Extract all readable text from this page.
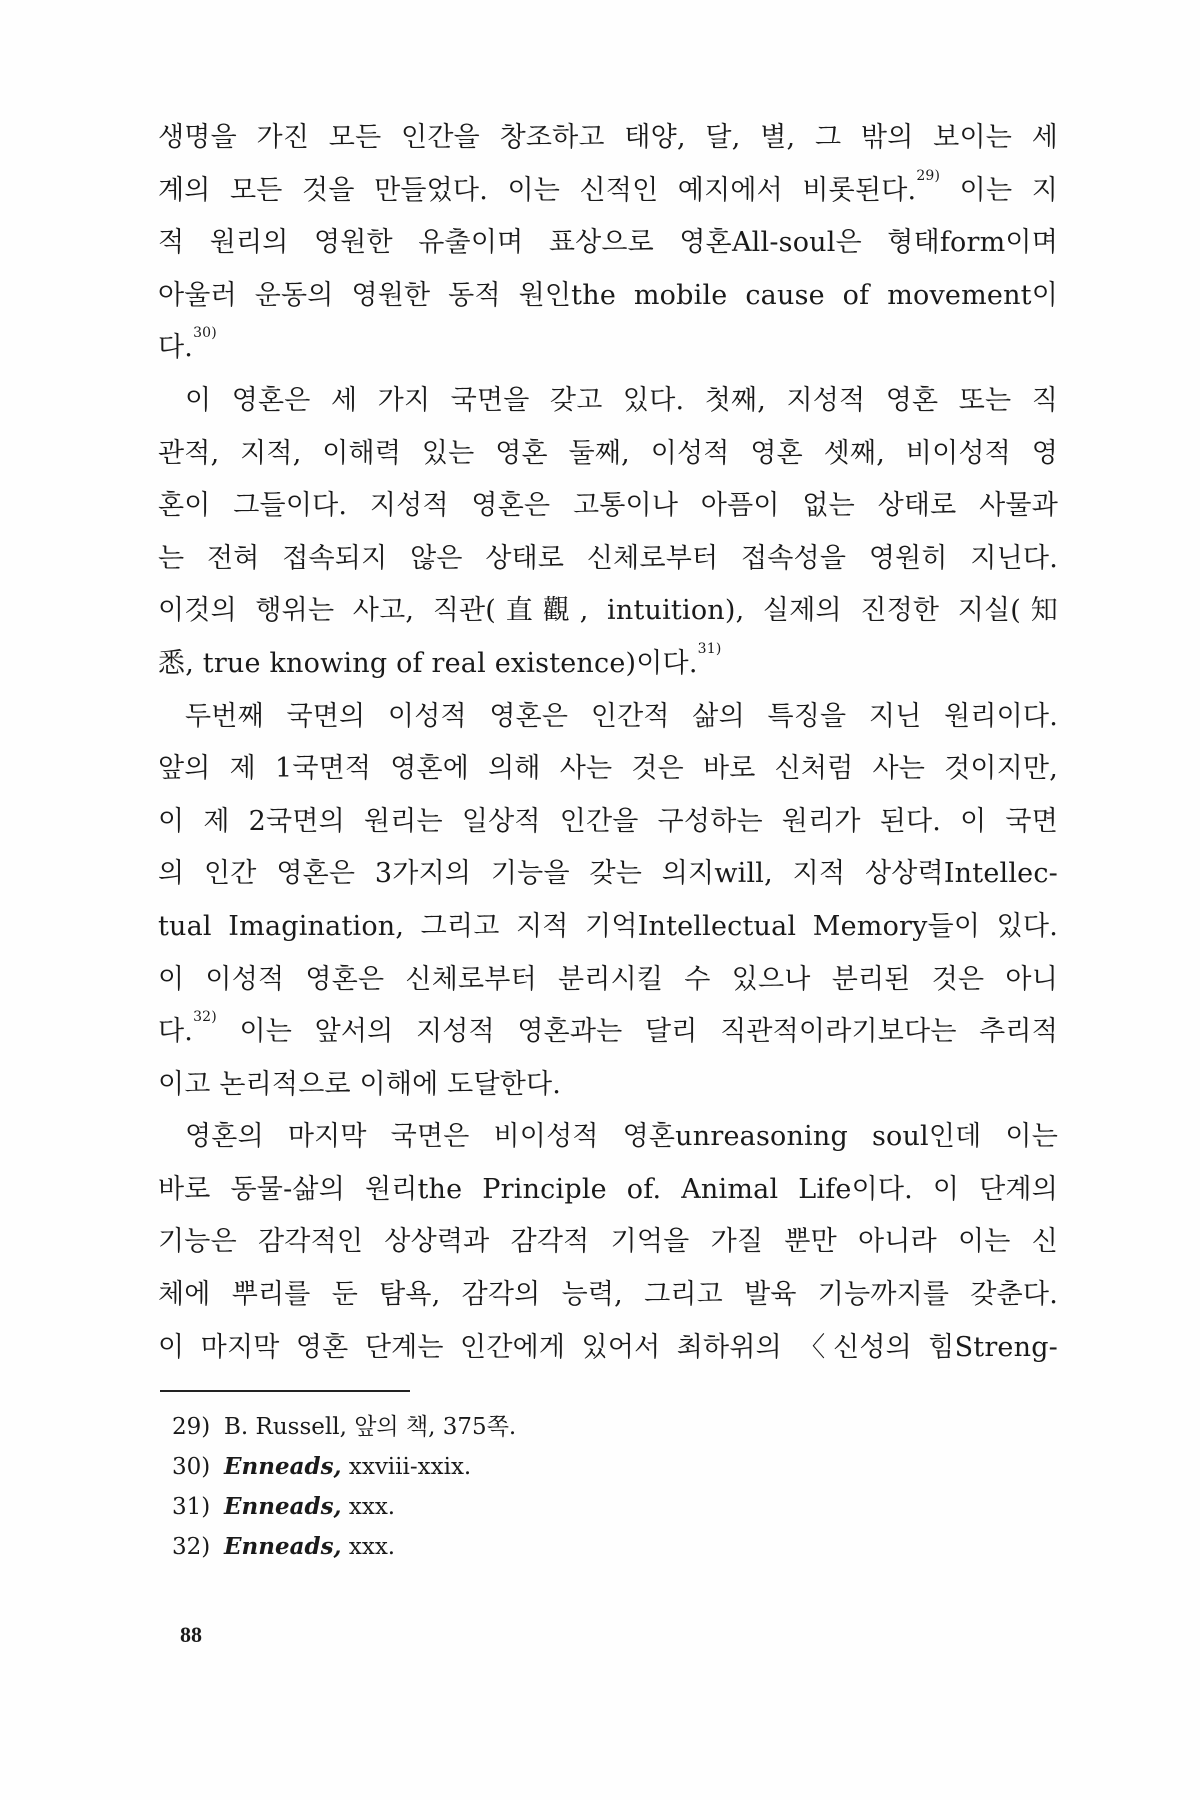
생명을 가진 모든 인간을 창조하고 태양, 달, 별, 그 밖의 보이는 세
계의 모든 것을 만들었다. 이는 신적인 예지에서 비롯된다.$^{29)}$ 이는 지
적 원리의 영원한 유출이며 표상으로 영혼All-soul은 형태form이며
아울러 운동의 영원한 동적 원인the mobile cause of movement이
다.$^{30)}$
이 영혼은 세 가지 국면을 갖고 있다. 첫째, 지성적 영혼 또는 직
관적, 지적, 이해력 있는 영혼 둘째, 이성적 영혼 셋째, 비이성적 영
혼이 그들이다. 지성적 영혼은 고통이나 아픔이 없는 상태로 사물과
는 전혀 접속되지 않은 상태로 신체로부터 접속성을 영원히 지닌다.
이것의 행위는 사고, 직관(直觀, intuition), 실제의 진정한 지실(知
悉, true knowing of real existence)이다.$^{31)}$
두번째 국면의 이성적 영혼은 인간적 삶의 특징을 지닌 원리이다.
앞의 제 1국면적 영혼에 의해 사는 것은 바로 신처럼 사는 것이지만,
이 제 2국면의 원리는 일상적 인간을 구성하는 원리가 된다. 이 국면
의 인간 영혼은 3가지의 기능을 갖는 의지will, 지적 상상력Intellec-
tual Imagination, 그리고 지적 기억Intellectual Memory들이 있다.
이 이성적 영혼은 신체로부터 분리시킬 수 있으나 분리된 것은 아니
다.$^{32)}$ 이는 앞서의 지성적 영혼과는 달리 직관적이라기보다는 추리적
이고 논리적으로 이해에 도달한다.
영혼의 마지막 국면은 비이성적 영혼unreasoning soul인데 이는
바로 동물-삶의 원리the Principle of. Animal Life이다. 이 단계의
기능은 감각적인 상상력과 감각적 기억을 가질 뿐만 아니라 이는 신
체에 뿌리를 둔 탐욕, 감각의 능력, 그리고 발육 기능까지를 갖춘다.
이 마지막 영혼 단계는 인간에게 있어서 최하위의 〈신성의 힘Streng-
29) B. Russell, 앞의 책, 375쪽.
30) Enneads, xxviii-xxix.
31) Enneads, xxx.
32) Enneads, xxx.
88
